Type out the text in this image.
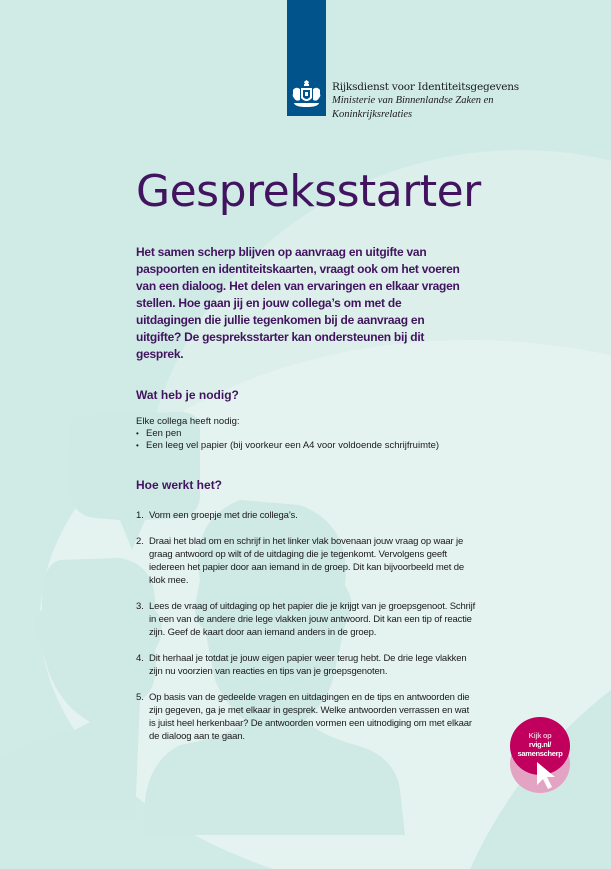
Rijksdienst voor Identiteitsgegevens
Ministerie van Binnenlandse Zaken en
Koninkrijksrelaties
Gespreksstarter

Het samen scherp blijven op aanvraag en uitgifte van paspoorten en identiteitskaarten, vraagt ook om het voeren van een dialoog. Het delen van ervaringen en elkaar vragen stellen. Hoe gaan jij en jouw collega’s om met de uitdagingen die jullie tegenkomen bij de aanvraag en uitgifte? De gespreksstarter kan ondersteunen bij dit gesprek.

Wat heb je nodig?
Elke collega heeft nodig:
• Een pen
• Een leeg vel papier (bij voorkeur een A4 voor voldoende schrijfruimte)
Hoe werkt het?
1. Vorm een groepje met drie collega’s.
2. Draai het blad om en schrijf in het linker vlak bovenaan jouw vraag op waar je graag antwoord op wilt of de uitdaging die je tegenkomt. Vervolgens geeft iedereen het papier door aan iemand in de groep. Dit kan bijvoorbeeld met de klok mee.
3. Lees de vraag of uitdaging op het papier die je krijgt van je groepsgenoot. Schrijf in een van de andere drie lege vlakken jouw antwoord. Dit kan een tip of reactie zijn. Geef de kaart door aan iemand anders in de groep.
4. Dit herhaal je totdat je jouw eigen papier weer terug hebt. De drie lege vlakken zijn nu voorzien van reacties en tips van je groepsgenoten.
5. Op basis van de gedeelde vragen en uitdagingen en de tips en antwoorden die zijn gegeven, ga je met elkaar in gesprek. Welke antwoorden verrassen en wat is juist heel herkenbaar? De antwoorden vormen een uitnodiging om met elkaar de dialoog aan te gaan.	Kijk op
rvig.nl/
samenscherp
